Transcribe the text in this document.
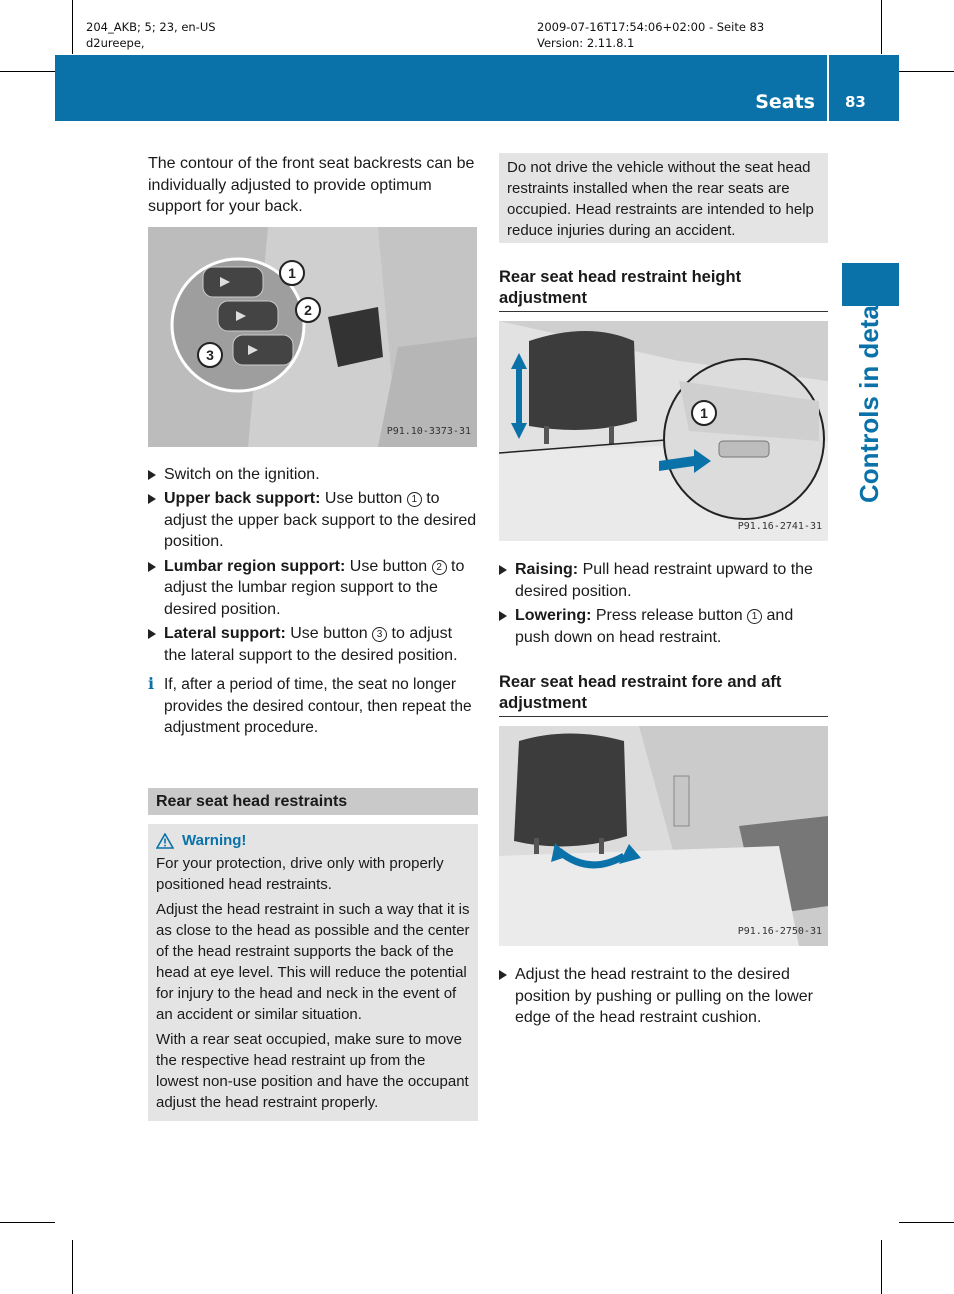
204_AKB; 5; 23, en-US
d2ureepe,
2009-07-16T17:54:06+02:00 - Seite 83
Version: 2.11.8.1
Seats 83
Controls in detail

The contour of the front seat backrests can be individually adjusted to provide optimum support for your back.

1
2
3
P91.10-3373-31
Switch on the ignition.
Upper back support: Use button 1 to adjust the upper back support to the desired position.
Lumbar region support: Use button 2 to adjust the lumbar region support to the desired position.
Lateral support: Use button 3 to adjust the lateral support to the desired position.
i If, after a period of time, the seat no longer provides the desired contour, then repeat the adjustment procedure.
Rear seat head restraints
Warning!

For your protection, drive only with properly positioned head restraints.

Adjust the head restraint in such a way that it is as close to the head as possible and the center of the head restraint supports the back of the head at eye level. This will reduce the potential for injury to the head and neck in the event of an accident or similar situation.

With a rear seat occupied, make sure to move the respective head restraint up from the lowest non-use position and have the occupant adjust the head restraint properly.

Do not drive the vehicle without the seat head restraints installed when the rear seats are occupied. Head restraints are intended to help reduce injuries during an accident.
Rear seat head restraint height adjustment
1
P91.16-2741-31
Raising: Pull head restraint upward to the desired position.
Lowering: Press release button 1 and push down on head restraint.
Rear seat head restraint fore and aft adjustment
P91.16-2750-31
Adjust the head restraint to the desired position by pushing or pulling on the lower edge of the head restraint cushion.
